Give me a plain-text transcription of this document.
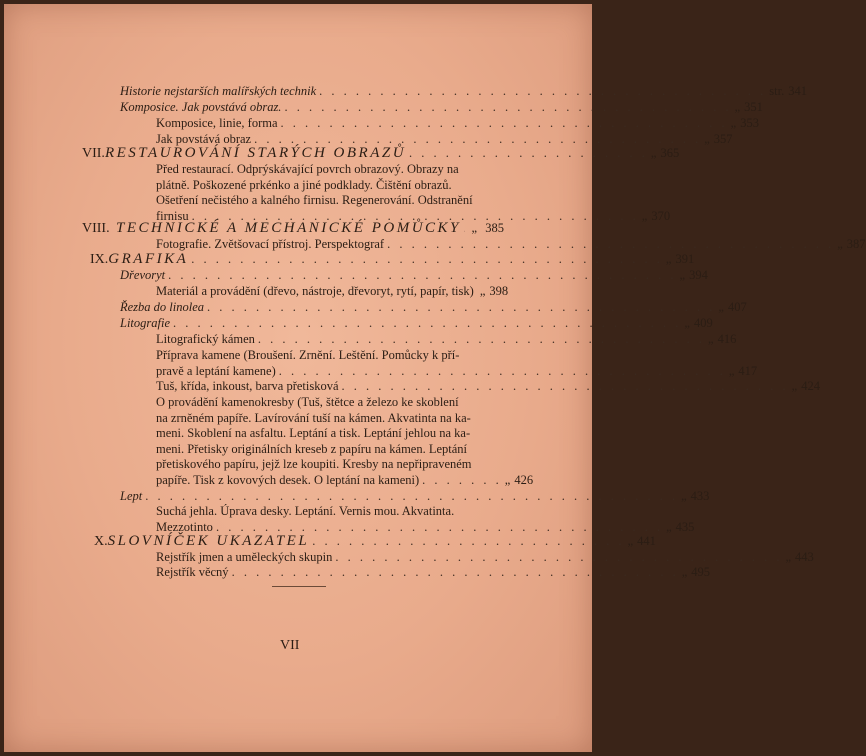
Historie nejstarších malířských technik . . . . . . . . . . . . . . . . . . . . . . . . . . . . . . . . . . . . . str. 341
Komposice. Jak povstává obraz. . . . . . . . . . . . . . . . . . . . . . . . . . . . . . . . . . . . . . „ 351
Komposice, linie, forma . . . . . . . . . . . . . . . . . . . . . . . . . . . . . . . . . . . . . „ 353
Jak povstává obraz . . . . . . . . . . . . . . . . . . . . . . . . . . . . . . . . . . . . . „ 357
VII. RESTAUROVÁNÍ STARÝCH OBRAZŮ . . . . . . . . . . . . . . . . . . . . „ 365
Před restaurací. Odprýskávající povrch obrazový. Obrazy na
plátně. Poškozené prkénko a jiné podklady. Čištění obrazů.
Ošetření nečistého a kalného firnisu. Regenerování. Odstranění
firnisu . . . . . . . . . . . . . . . . . . . . . . . . . . . . . . . . . . . . . „ 370
VIII. TECHNICKÉ A MECHANICKÉ POMŮCKY „ 385
Fotografie. Zvětšovací přístroj. Perspektograf . . . . . . . . . . . . . . . . . . . . . . . . . . . . . . . . . . . . . „ 387
IX. GRAFIKA . . . . . . . . . . . . . . . . . . . . . . . . . . . . . . . . . . . . . . . „ 391
Dřevoryt . . . . . . . . . . . . . . . . . . . . . . . . . . . . . . . . . . . . . . . . . . „ 394
Materiál a provádění (dřevo, nástroje, dřevoryt, rytí, papír, tisk) „ 398
Řezba do linolea . . . . . . . . . . . . . . . . . . . . . . . . . . . . . . . . . . . . . . . . . . „ 407
Litografie . . . . . . . . . . . . . . . . . . . . . . . . . . . . . . . . . . . . . . . . . . „ 409
Litografický kámen . . . . . . . . . . . . . . . . . . . . . . . . . . . . . . . . . . . . . „ 416
Příprava kamene (Broušení. Zrnění. Leštění. Pomůcky k pří-
pravě a leptání kamene) . . . . . . . . . . . . . . . . . . . . . . . . . . . . . . . . . . . . . „ 417
Tuš, křída, inkoust, barva přetisková . . . . . . . . . . . . . . . . . . . . . . . . . . . . . . . . . . . . . „ 424
O provádění kamenokresby (Tuš, štětce a železo ke skoblení
na zrněném papíře. Lavírování tuší na kámen. Akvatinta na ka-
meni. Skoblení na asfaltu. Leptání a tisk. Leptání jehlou na ka-
meni. Přetisky originálních kreseb z papíru na kámen. Leptání
přetiskového papíru, jejž lze koupiti. Kresby na nepřipraveném
papíře. Tisk z kovových desek. O leptání na kameni) . . . . . . . „ 426
Lept . . . . . . . . . . . . . . . . . . . . . . . . . . . . . . . . . . . . . . . . . . . . „ 433
Suchá jehla. Úprava desky. Leptání. Vernis mou. Akvatinta.
Mezzotinto . . . . . . . . . . . . . . . . . . . . . . . . . . . . . . . . . . . . . „ 435
X. SLOVNÍČEK UKAZATEL . . . . . . . . . . . . . . . . . . . . . . . . . . „ 441
Rejstřík jmen a uměleckých skupin . . . . . . . . . . . . . . . . . . . . . . . . . . . . . . . . . . . . . „ 443
Rejstřík věcný . . . . . . . . . . . . . . . . . . . . . . . . . . . . . . . . . . . . . „ 495
VII
